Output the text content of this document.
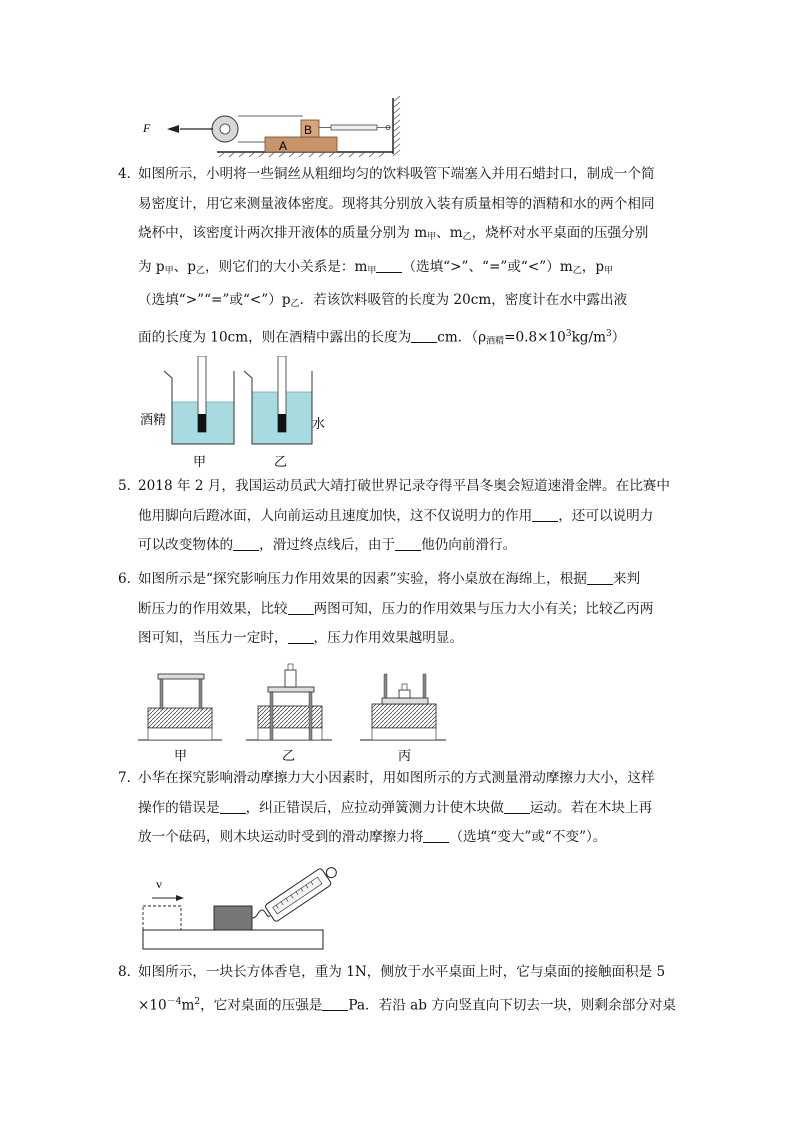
F
A
B

4．如图所示，小明将一些铜丝从粗细均匀的饮料吸管下端塞入并用石蜡封口，制成一个简

易密度计，用它来测量液体密度。现将其分别放入装有质量相等的酒精和水的两个相同

烧杯中，该密度计两次排开液体的质量分别为 $m_甲$、$m_乙$，烧杯对水平桌面的压强分别

为 $p_甲$、$p_乙$，则它们的大小关系是：$m_甲$ （选填“>”、“=”或“$<”)m_乙$，$p_甲$

（选填“>”“=”或“$<”)p_乙$．若该饮料吸管的长度为 20cm，密度计在水中露出液

面的长度为 10cm，则在酒精中露出的长度为 cm．$(\rho_{酒精}=0.8\times 10^3kg/m^3)$

酒精	水
甲	乙

5．2018 年 2 月，我国运动员武大靖打破世界记录夺得平昌冬奥会短道速滑金牌。在比赛中

他用脚向后蹬冰面，人向前运动且速度加快，这不仅说明力的作用 ，还可以说明力

可以改变物体的 ，滑过终点线后，由于 他仍向前滑行。

6．如图所示是“探究影响压力作用效果的因素”实验，将小桌放在海绵上，根据 来判

断压力的作用效果，比较 两图可知，压力的作用效果与压力大小有关；比较乙丙两

图可知，当压力一定时， ，压力作用效果越明显。

甲	乙	丙

7．小华在探究影响滑动摩擦力大小因素时，用如图所示的方式测量滑动摩擦力大小，这样

操作的错误是 ，纠正错误后，应拉动弹簧测力计使木块做 运动。若在木块上再

放一个砝码，则木块运动时受到的滑动摩擦力将 （选填“变大”或“不变”）。

v

8．如图所示，一块长方体香皂，重为 1N，侧放于水平桌面上时，它与桌面的接触面积是 5

$\times 10^{-4}m^2$，它对桌面的压强是 Pa．若沿 ab 方向竖直向下切去一块，则剩余部分对桌
